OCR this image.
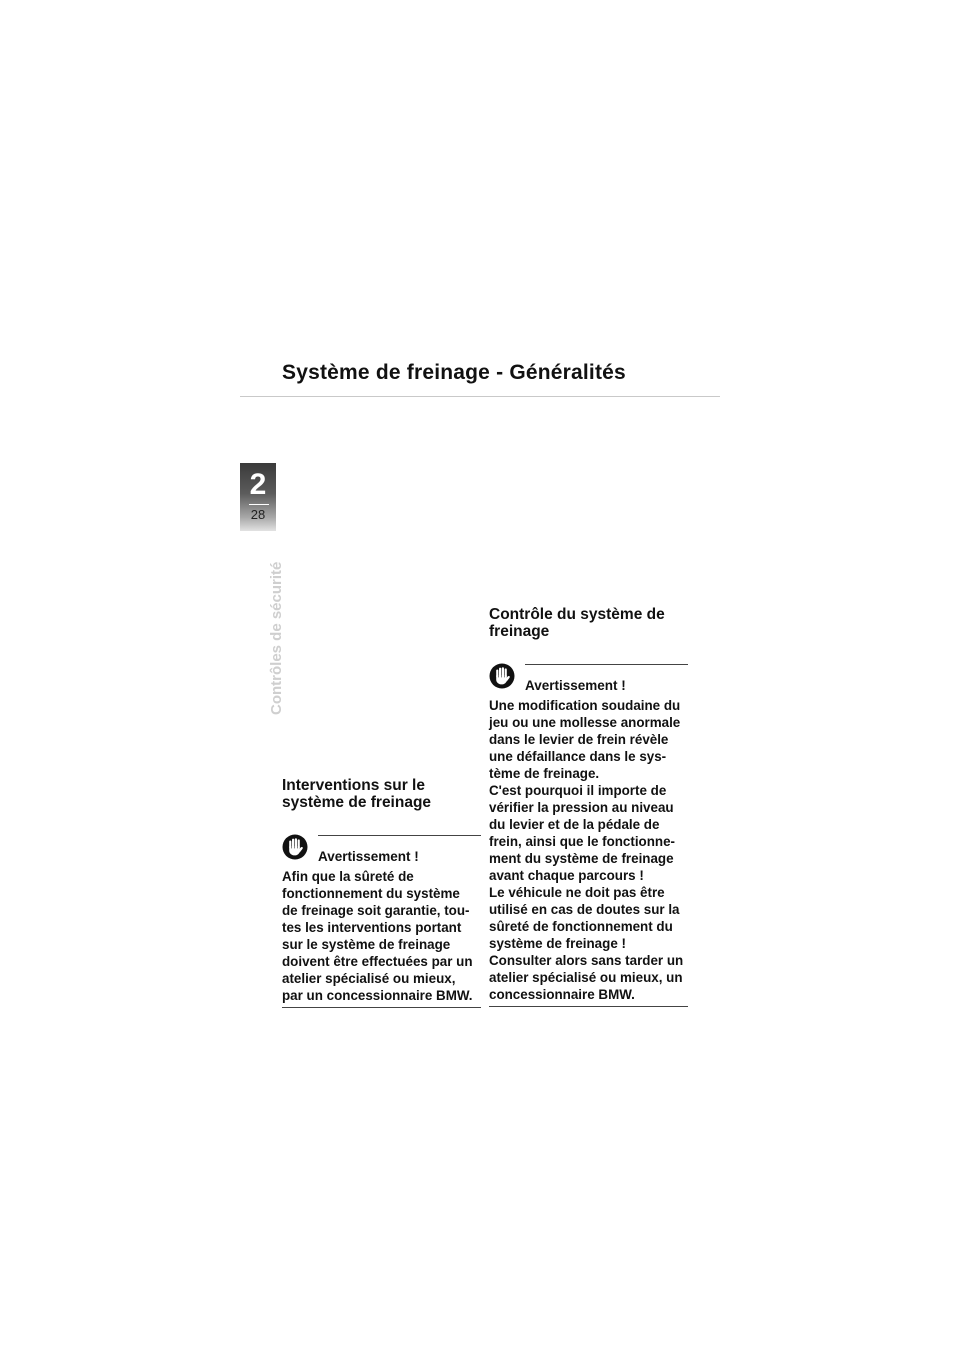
Système de freinage - Généralités
2
28
Contrôles de sécurité
Interventions sur le
système de freinage
Avertissement !
Afin que la sûreté de
fonctionnement du système
de freinage soit garantie, tou-
tes les interventions portant
sur le système de freinage
doivent être effectuées par un
atelier spécialisé ou mieux,
par un concessionnaire BMW.
Contrôle du système de
freinage
Avertissement !
Une modification soudaine du
jeu ou une mollesse anormale
dans le levier de frein révèle
une défaillance dans le sys-
tème de freinage.
C'est pourquoi il importe de
vérifier la pression au niveau
du levier et de la pédale de
frein, ainsi que le fonctionne-
ment du système de freinage
avant chaque parcours !
Le véhicule ne doit pas être
utilisé en cas de doutes sur la
sûreté de fonctionnement du
système de freinage !
Consulter alors sans tarder un
atelier spécialisé ou mieux, un
concessionnaire BMW.
